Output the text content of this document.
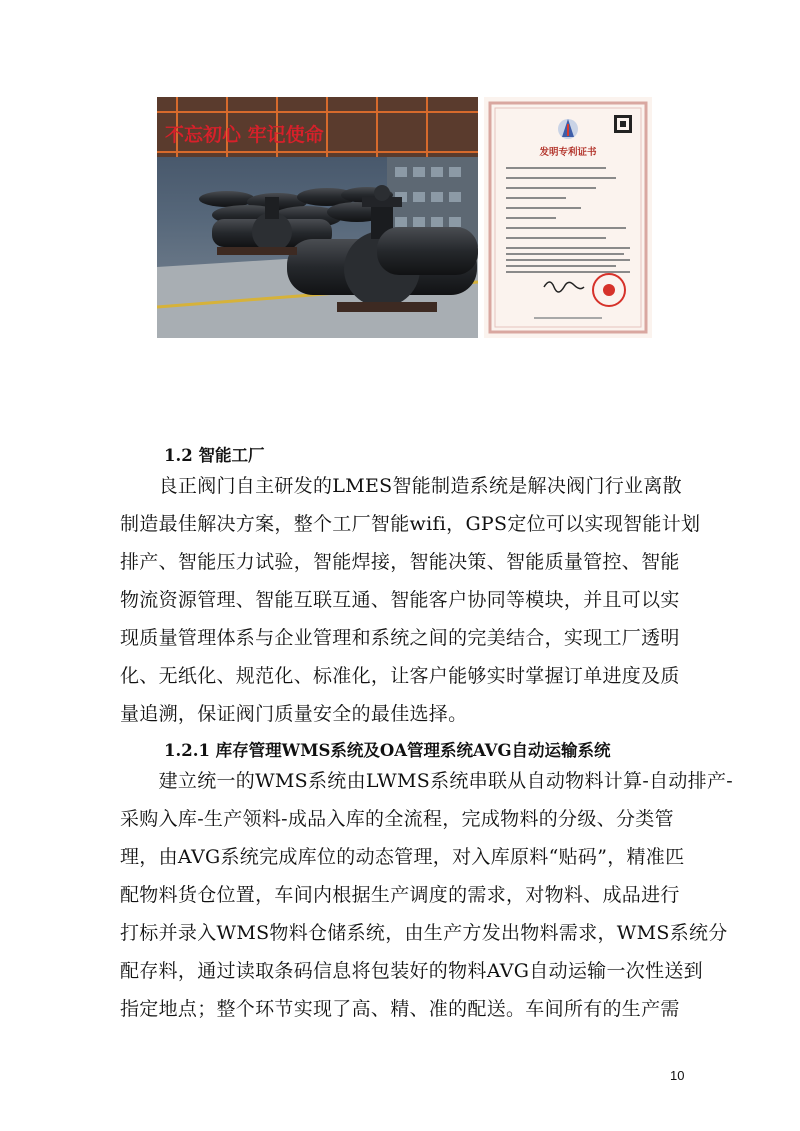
不忘初心 牢记使命
发明专利证书
1.2 智能工厂
　　良正阀门自主研发的LMES智能制造系统是解决阀门行业离散
制造最佳解决方案，整个工厂智能wifi，GPS定位可以实现智能计划
排产、智能压力试验，智能焊接，智能决策、智能质量管控、智能
物流资源管理、智能互联互通、智能客户协同等模块，并且可以实
现质量管理体系与企业管理和系统之间的完美结合，实现工厂透明
化、无纸化、规范化、标准化，让客户能够实时掌握订单进度及质
量追溯，保证阀门质量安全的最佳选择。
1.2.1 库存管理WMS系统及OA管理系统AVG自动运输系统
　　建立统一的WMS系统由LWMS系统串联从自动物料计算-自动排产-
采购入库-生产领料-成品入库的全流程，完成物料的分级、分类管
理，由AVG系统完成库位的动态管理，对入库原料“贴码”，精准匹
配物料货仓位置，车间内根据生产调度的需求，对物料、成品进行
打标并录入WMS物料仓储系统，由生产方发出物料需求，WMS系统分
配存料，通过读取条码信息将包装好的物料AVG自动运输一次性送到
指定地点；整个环节实现了高、精、准的配送。车间所有的生产需
10
